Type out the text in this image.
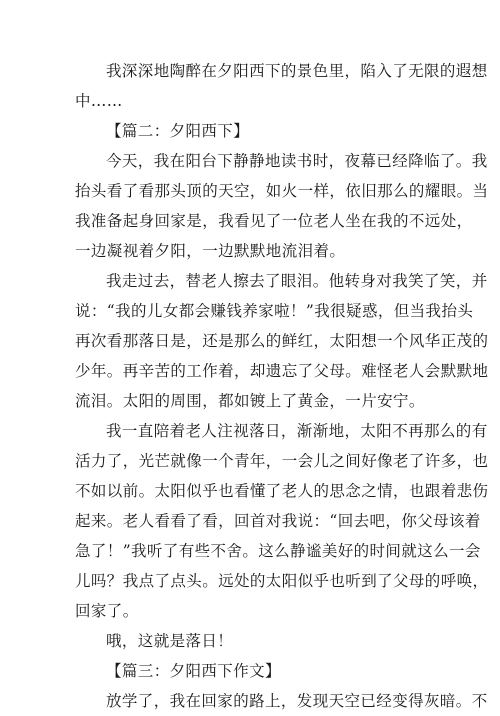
我深深地陶醉在夕阳西下的景色里，陷入了无限的遐想
中……
【篇二：夕阳西下】
今天，我在阳台下静静地读书时，夜幕已经降临了。我
抬头看了看那头顶的天空，如火一样，依旧那么的耀眼。当
我准备起身回家是，我看见了一位老人坐在我的不远处，
一边凝视着夕阳，一边默默地流泪着。
我走过去，替老人擦去了眼泪。他转身对我笑了笑，并
说：“我的儿女都会赚钱养家啦！”我很疑惑，但当我抬头
再次看那落日是，还是那么的鲜红，太阳想一个风华正茂的
少年。再辛苦的工作着，却遗忘了父母。难怪老人会默默地
流泪。太阳的周围，都如镀上了黄金，一片安宁。
我一直陪着老人注视落日，渐渐地，太阳不再那么的有
活力了，光芒就像一个青年，一会儿之间好像老了许多，也
不如以前。太阳似乎也看懂了老人的思念之情，也跟着悲伤
起来。老人看看了看，回首对我说：“回去吧，你父母该着
急了！”我听了有些不舍。这么静谧美好的时间就这么一会
儿吗？我点了点头。远处的太阳似乎也听到了父母的呼唤，
回家了。
哦，这就是落日！
【篇三：夕阳西下作文】
放学了，我在回家的路上，发现天空已经变得灰暗。不
